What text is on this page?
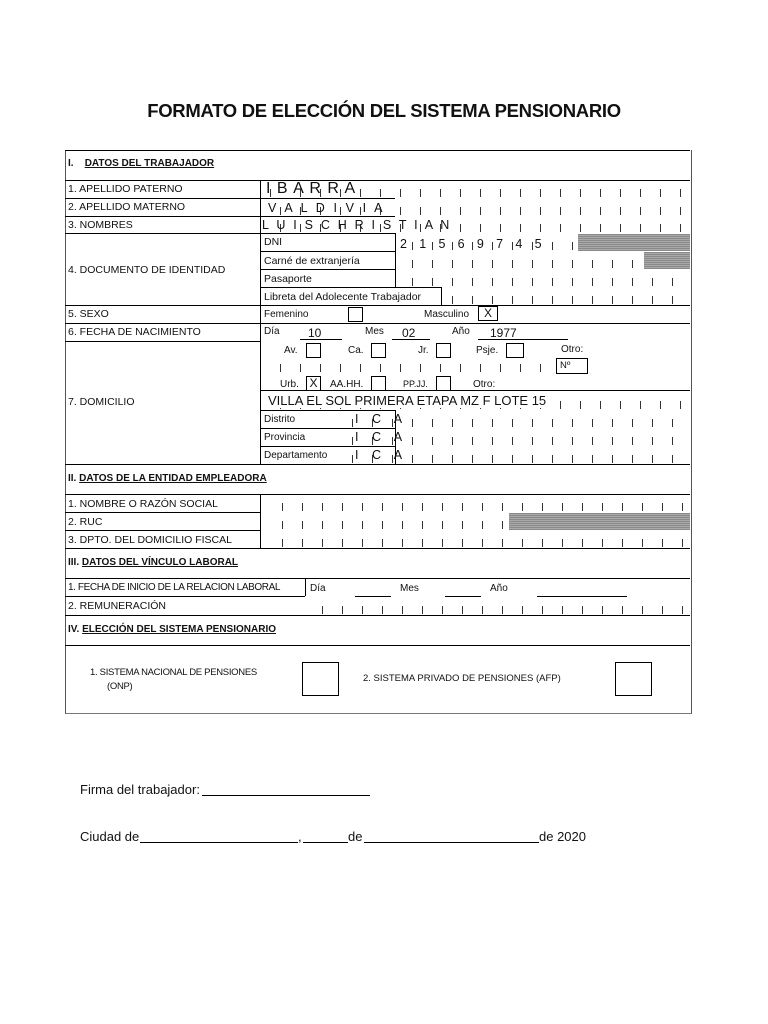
FORMATO DE ELECCIÓN DEL SISTEMA PENSIONARIO
I. DATOS DEL TRABAJADOR
1. APELLIDO PATERNO	I B A R R A
2. APELLIDO MATERNO	V A L D I V I A
3. NOMBRES	L U I S C H R I S T I A N
4. DOCUMENTO DE IDENTIDAD
DNI	2 1 5 6 9 7 4 5
Carné de extranjería
Pasaporte
Libreta del Adolecente Trabajador
5. SEXO	Femenino	Masculino	X
6. FECHA DE NACIMIENTO	Día	10	Mes	02	Año	1977
7. DOMICILIO
Av.	Ca.	Jr.	Psje.	Otro:
Nº
Urb. X	AA.HH.	PP.JJ.	Otro:
VILLA EL SOL PRIMERA ETAPA MZ F LOTE 15
Distrito	I C A
Provincia	I C A
Departamento I C A
II. DATOS DE LA ENTIDAD EMPLEADORA
1. NOMBRE O RAZÓN SOCIAL
2. RUC
3. DPTO. DEL DOMICILIO FISCAL
III. DATOS DEL VÍNCULO LABORAL
1. FECHA DE INICIO DE LA RELACION LABORAL	Día	Mes	Año
2. REMUNERACIÓN
IV. ELECCIÓN DEL SISTEMA PENSIONARIO
1. SISTEMA NACIONAL DE PENSIONES
(ONP)
2. SISTEMA PRIVADO DE PENSIONES (AFP)
Firma del trabajador:
Ciudad de	,	de	de 2020
